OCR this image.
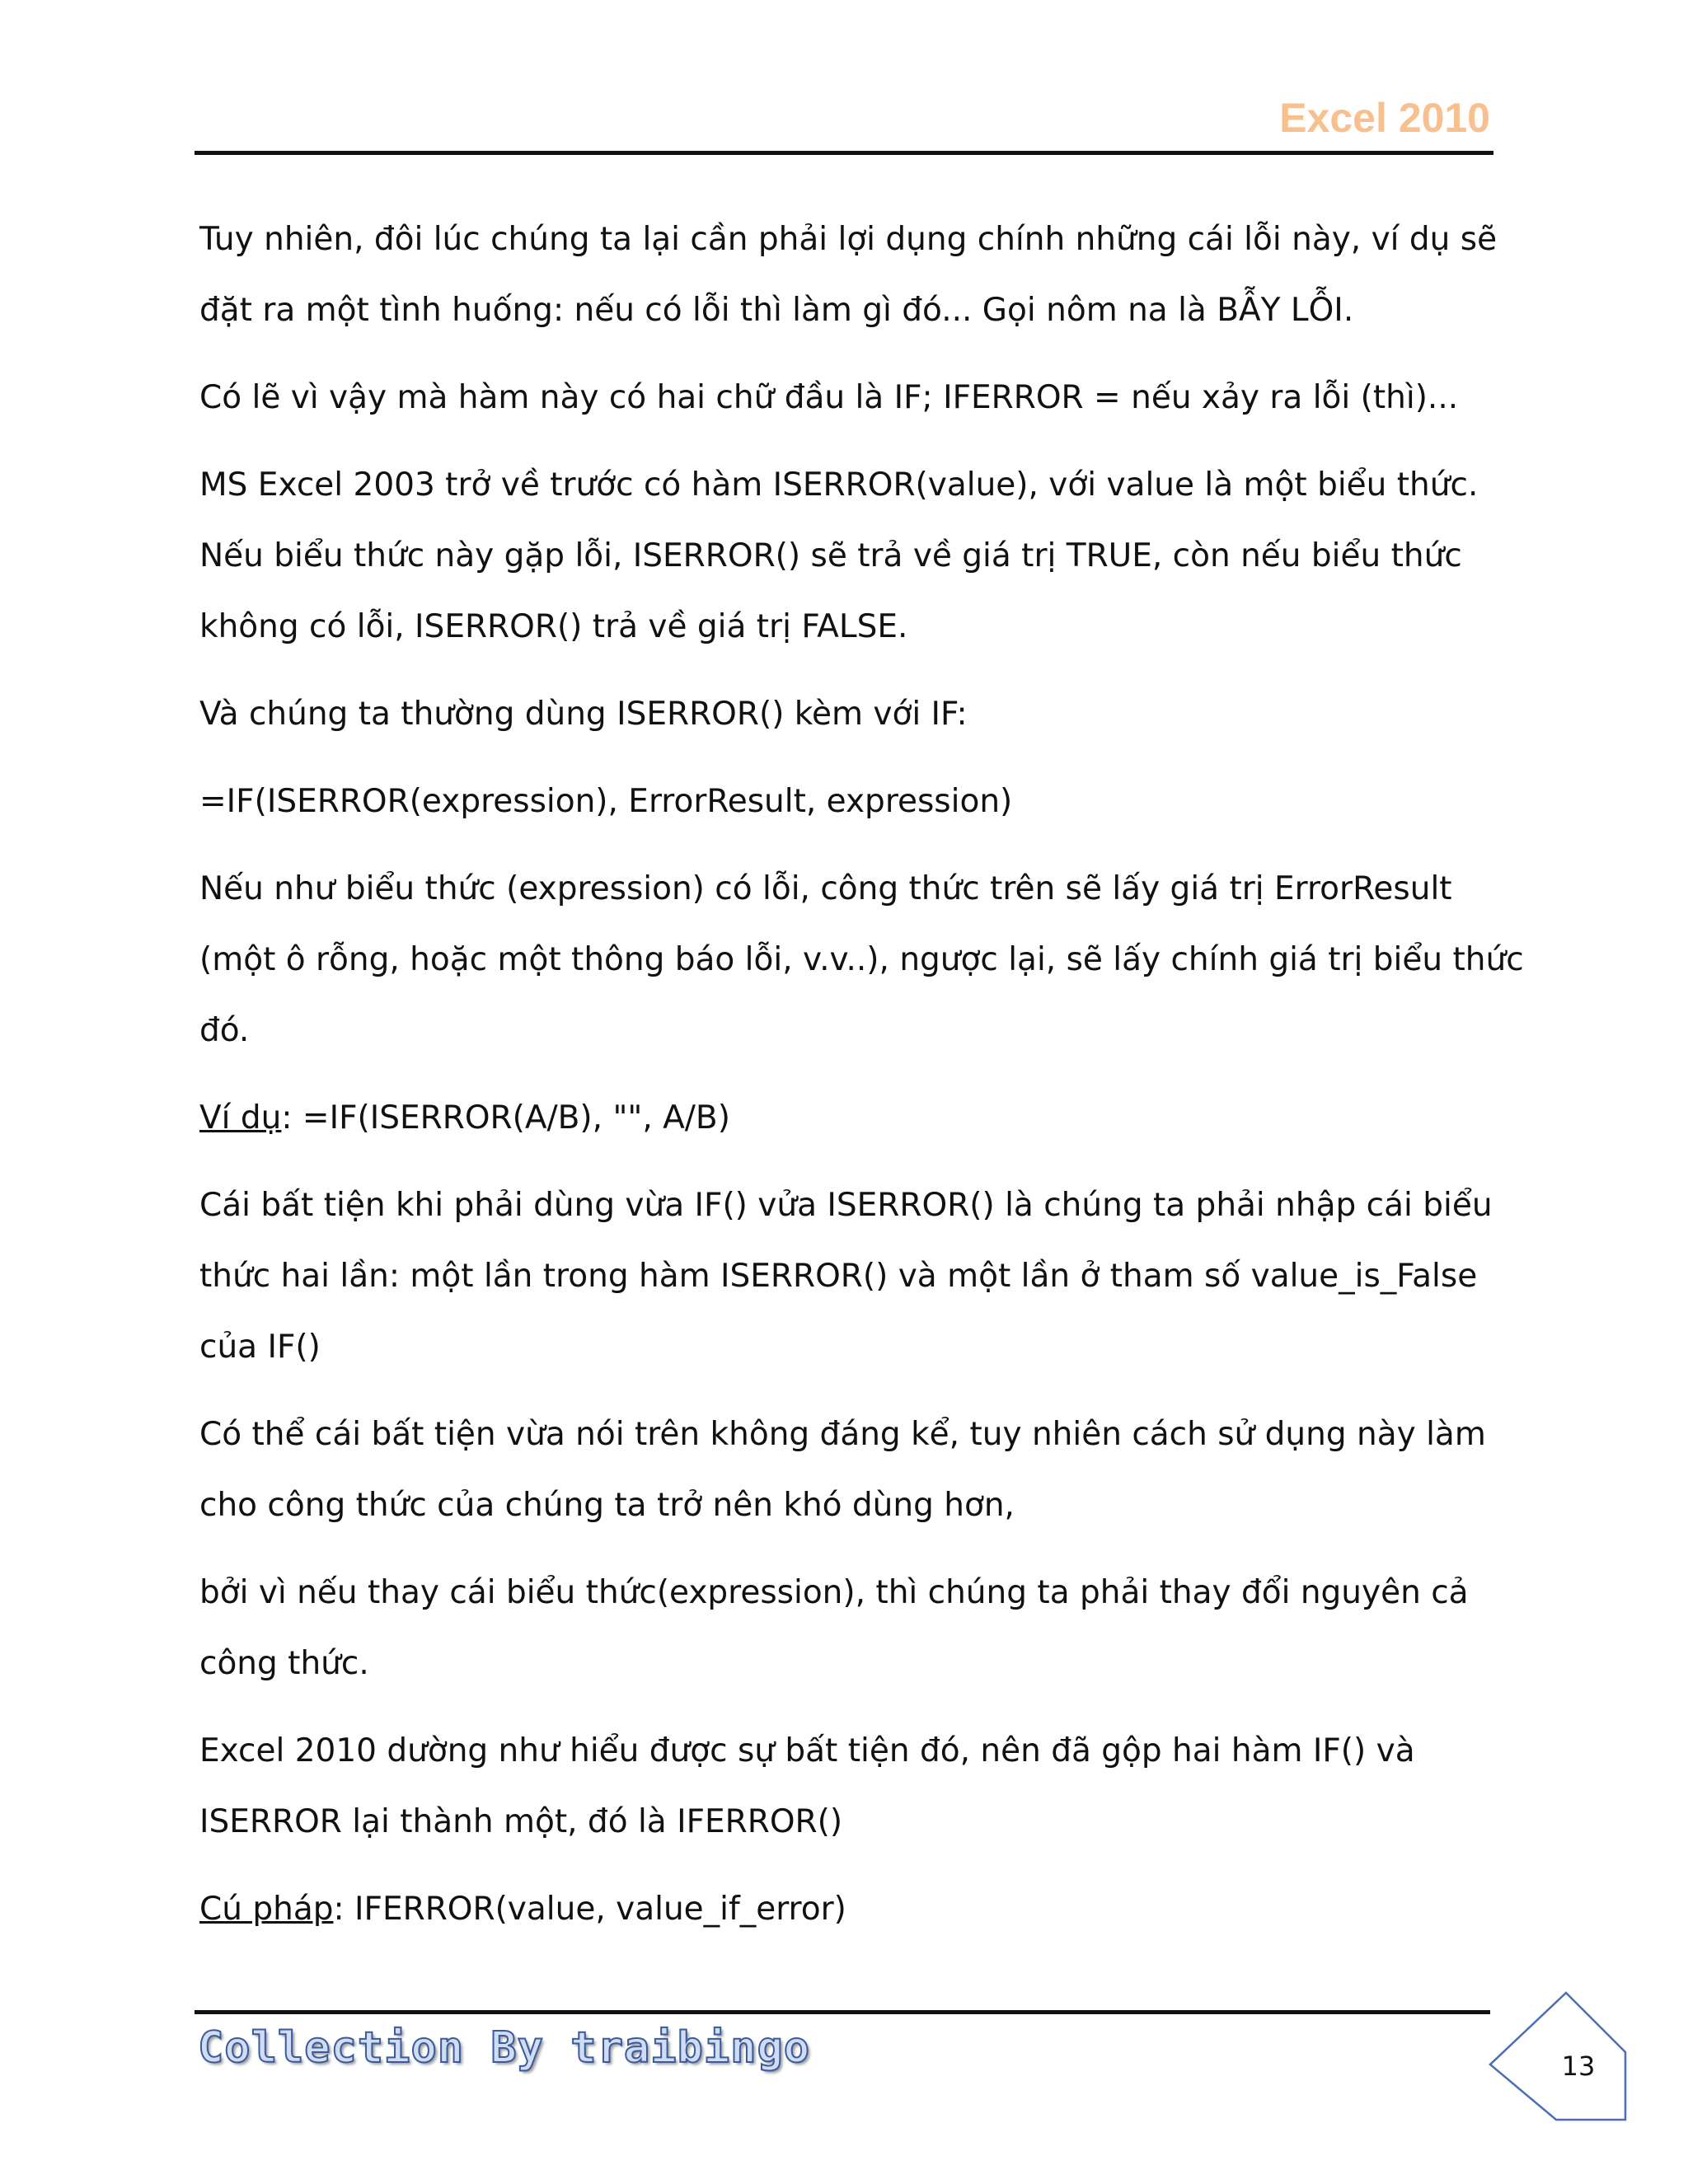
Excel 2010

Tuy nhiên, đôi lúc chúng ta lại cần phải lợi dụng chính những cái lỗi này, ví dụ sẽ
đặt ra một tình huống: nếu có lỗi thì làm gì đó... Gọi nôm na là BẪY LỖI.

Có lẽ vì vậy mà hàm này có hai chữ đầu là IF; IFERROR = nếu xảy ra lỗi (thì)...

MS Excel 2003 trở về trước có hàm ISERROR(value), với value là một biểu thức.
Nếu biểu thức này gặp lỗi, ISERROR() sẽ trả về giá trị TRUE, còn nếu biểu thức
không có lỗi, ISERROR() trả về giá trị FALSE.

Và chúng ta thường dùng ISERROR() kèm với IF:

=IF(ISERROR(expression), ErrorResult, expression)

Nếu như biểu thức (expression) có lỗi, công thức trên sẽ lấy giá trị ErrorResult
(một ô rỗng, hoặc một thông báo lỗi, v.v..), ngược lại, sẽ lấy chính giá trị biểu thức
đó.

Ví dụ: =IF(ISERROR(A/B), "", A/B)

Cái bất tiện khi phải dùng vừa IF() vửa ISERROR() là chúng ta phải nhập cái biểu
thức hai lần: một lần trong hàm ISERROR() và một lần ở tham số value_is_False
của IF()

Có thể cái bất tiện vừa nói trên không đáng kể, tuy nhiên cách sử dụng này làm
cho công thức của chúng ta trở nên khó dùng hơn,

bởi vì nếu thay cái biểu thức(expression), thì chúng ta phải thay đổi nguyên cả
công thức.

Excel 2010 dường như hiểu được sự bất tiện đó, nên đã gộp hai hàm IF() và
ISERROR lại thành một, đó là IFERROR()

Cú pháp: IFERROR(value, value_if_error)

Collection By traibingo	13
